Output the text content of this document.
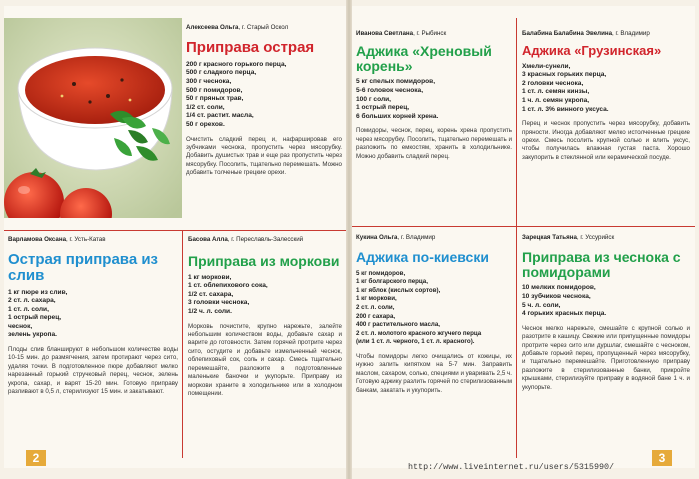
Алексеева Ольга, г. Старый Оскол
Приправа острая
200 г красного горького перца,
500 г сладкого перца,
300 г чеснока,
500 г помидоров,
50 г пряных трав,
1/2 ст. соли,
1/4 ст. растит. масла,
50 г орехов.
Очистить сладкий перец и, нафаршировав его зубчиками чеснока, пропустить через мясорубку. Добавить душистых трав и еще раз пропустить через мясорубку. Посолить, тщательно перемешать. Можно добавить толченые грецкие орехи.
Варламова Оксана, г. Усть-Катав
Острая приправа из слив
1 кг пюре из слив,
2 ст. л. сахара,
1 ст. л. соли,
1 острый перец,
чеснок,
зелень укропа.
Плоды слив бланшируют в небольшом количестве воды 10-15 мин. до размягчения, затем протирают через сито, удаляя точки. В подготовленное пюре добавляют мелко нарезанный горький стручковый перец, чеснок, зелень укропа, сахар, и варят 15-20 мин. Готовую приправу разливают в 0,5 л, стерилизуют 15 мин. и закатывают.
Басова Алла, г. Переславль-Залесский
Приправа из моркови
1 кг моркови,
1 ст. облепихового сока,
1/2 ст. сахара,
3 головки чеснока,
1/2 ч. л. соли.
Морковь почистите, крупно нарежьте, залейте небольшим количеством воды, добавьте сахар и варите до готовности. Затем горячей протрите через сито, остудите и добавьте измельченный чеснок, облепиховый сок, соль и сахар. Смесь тщательно перемешайте, разложите в подготовленные маленькие баночки и укупорьте. Приправу из моркови храните в холодильнике или в холодном помещении.
2
Иванова Светлана, г. Рыбинск
Аджика «Хреновый корень»
5 кг спелых помидоров,
5-6 головок чеснока,
100 г соли,
1 острый перец,
6 больших корней хрена.
Помидоры, чеснок, перец, корень хрена пропустить через мясорубку. Посолить, тщательно перемешать и разложить по емкостям, хранить в холодильнике. Можно добавить сладкий перец.
Балабина Балабина Эвелина, г. Владимир
Аджика «Грузинская»
Хмели-сунели,
3 красных горьких перца,
2 головки чеснока,
1 ст. л. семян кинзы,
1 ч. л. семян укропа,
1 ст. л. 3% винного уксуса.
Перец и чеснок пропустить через мясорубку, добавить пряности. Иногда добавляют мелко истолченные грецкие орехи. Смесь посолить крупной солью и влить уксус, чтобы получилась влажная густая паста. Хорошо закупорить в стеклянной или керамической посуде.
Кукина Ольга, г. Владимир
Аджика по-киевски
5 кг помидоров,
1 кг болгарского перца,
1 кг яблок (кислых сортов),
1 кг моркови,
2 ст. л. соли,
200 г сахара,
400 г растительного масла,
2 ст. л. молотого красного жгучего перца
(или 1 ст. л. черного, 1 ст. л. красного).
Чтобы помидоры легко очищались от кожицы, их нужно залить кипятком на 5-7 мин. Заправить маслом, сахаром, солью, специями и уваривать 2,5 ч. Готовую аджику разлить горячей по стерилизованным банкам, закатать и укупорить.
Зарецкая Татьяна, г. Уссурийск
Приправа из чеснока с помидорами
10 мелких помидоров,
10 зубчиков чеснока,
5 ч. л. соли,
4 горьких красных перца.
Чеснок мелко нарежьте, смешайте с крупной солью и разотрите в кашицу. Свежие или припущенные помидоры протрите через сито или дуршлаг, смешайте с чесноком, добавьте горький перец, пропущенный через мясорубку, и тщательно перемешайте. Приготовленную приправу разложите в стерилизованные банки, прикройте крышками, стерилизуйте приправу в водяной бане 1 ч. и укупорьте.
3
http://www.liveinternet.ru/users/5315990/
